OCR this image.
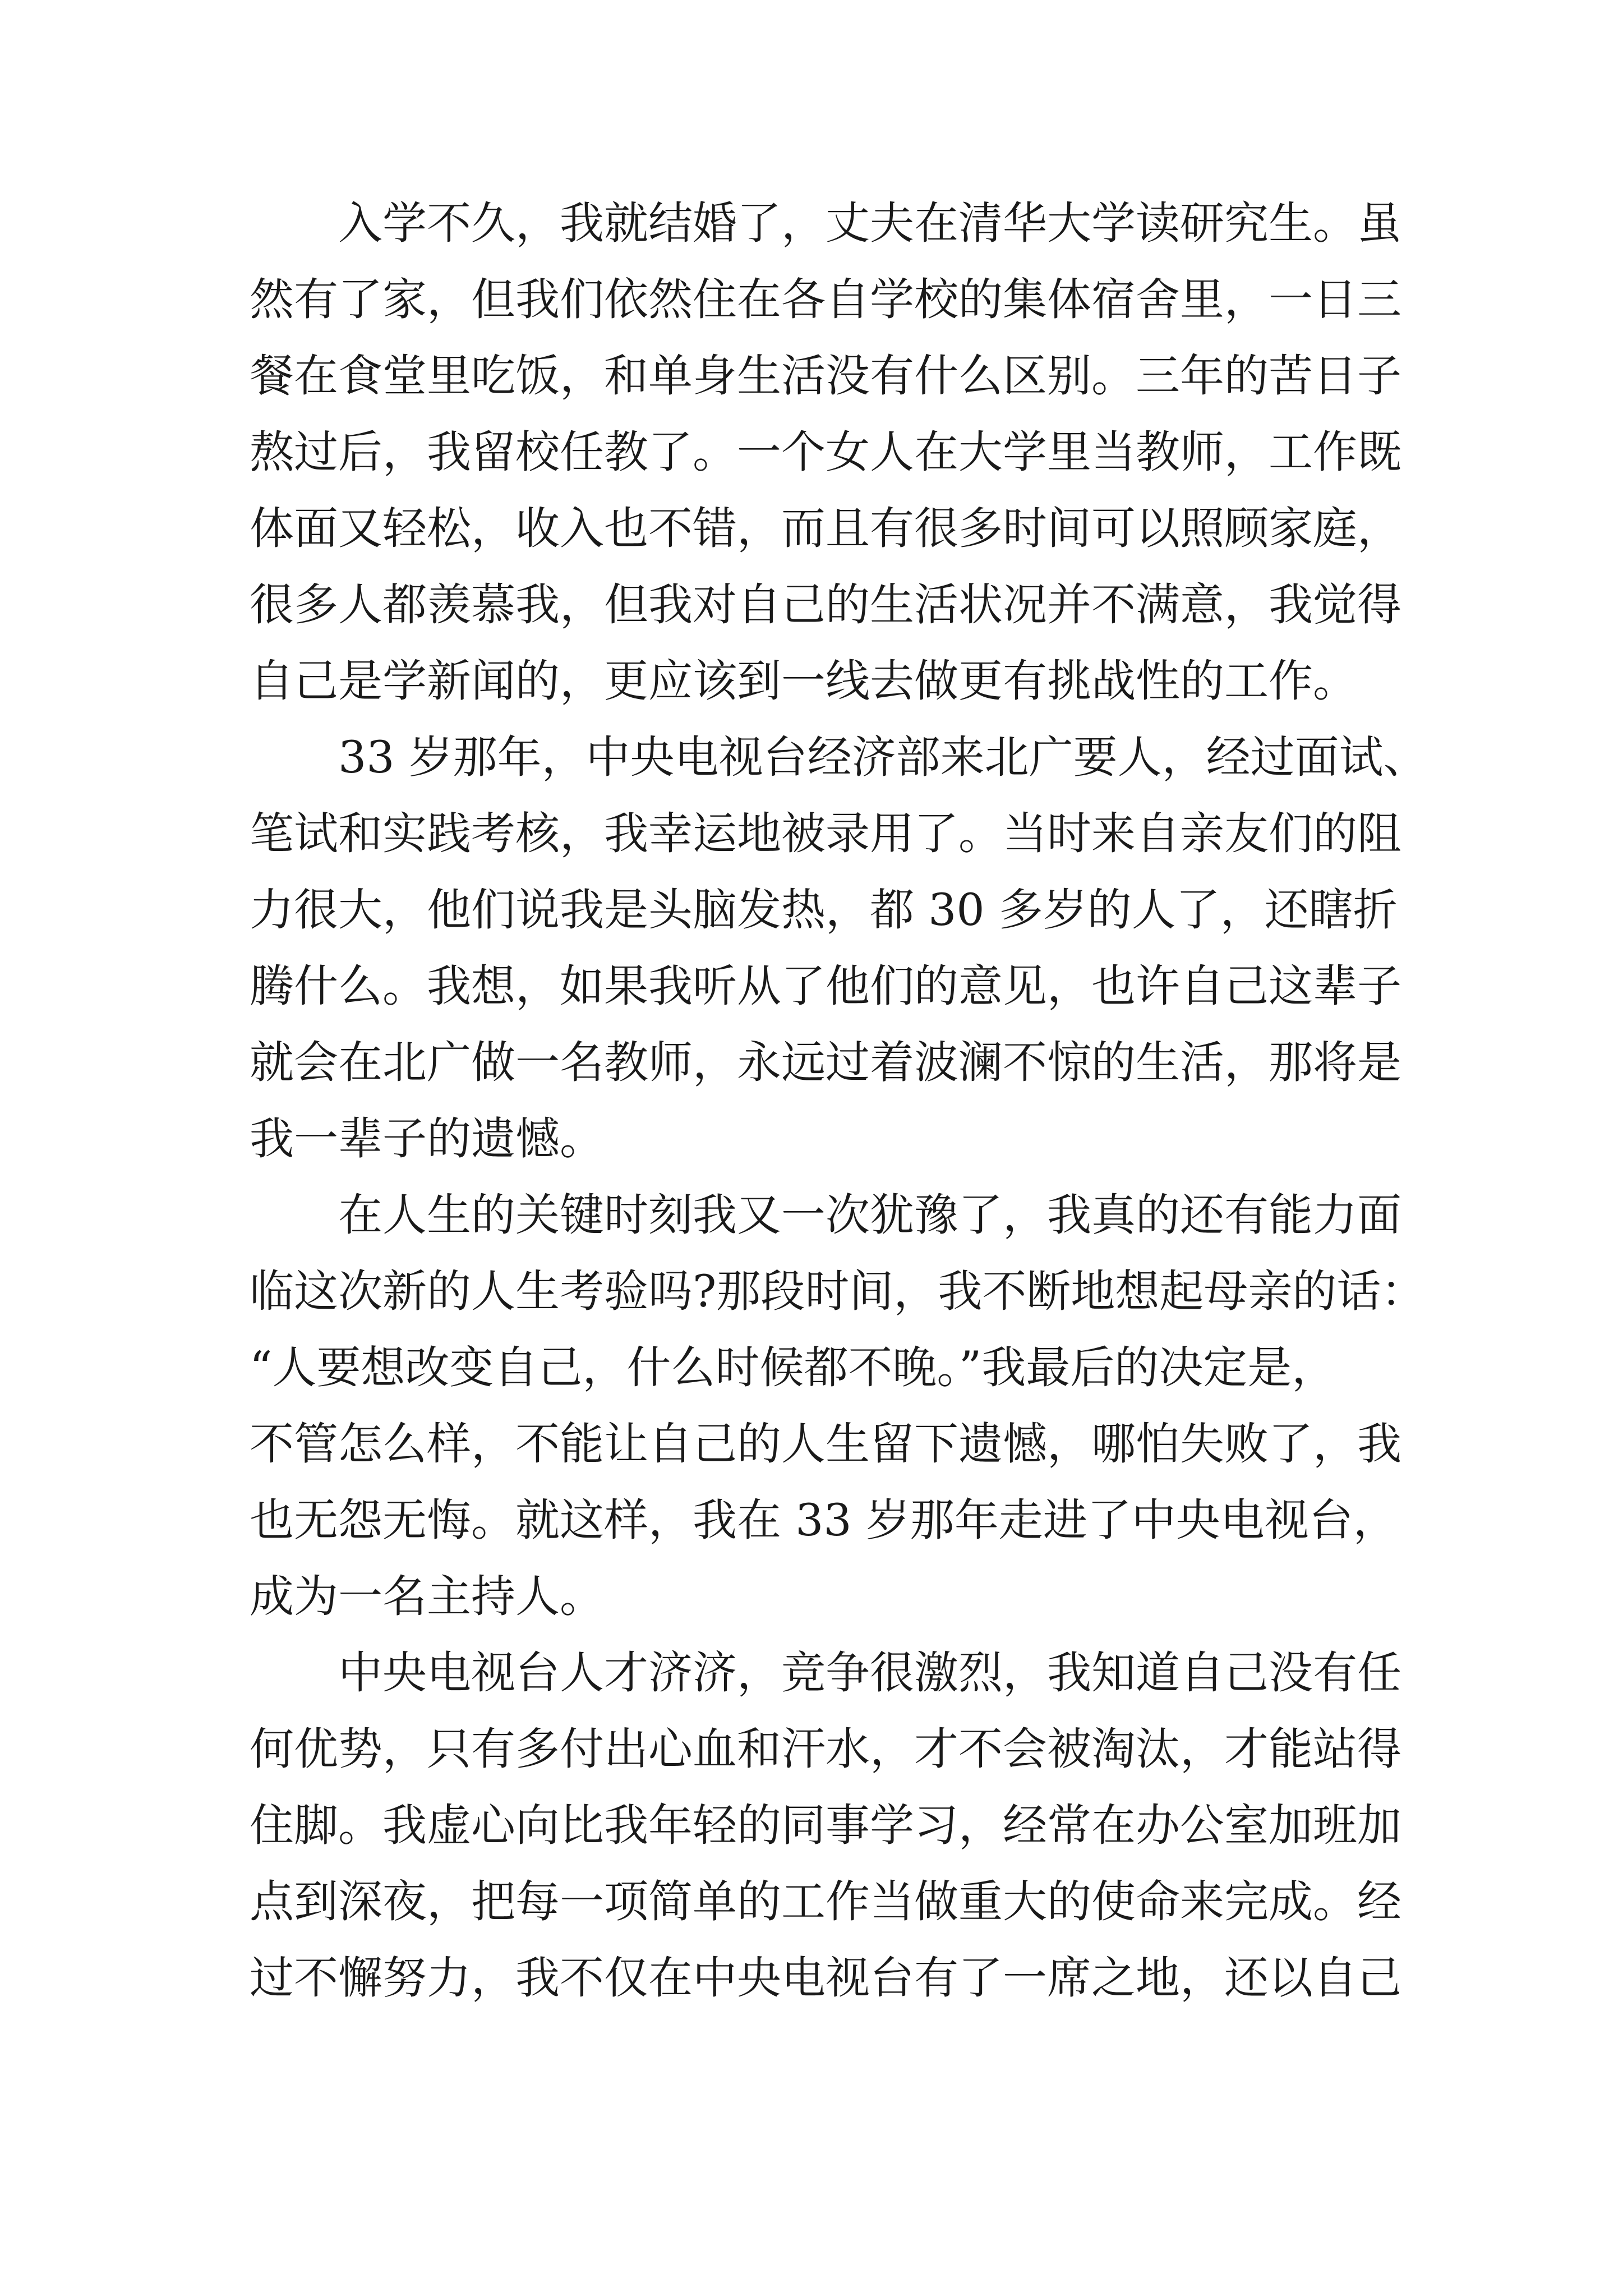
　　入学不久，我就结婚了，丈夫在清华大学读研究生。虽
然有了家，但我们依然住在各自学校的集体宿舍里，一日三
餐在食堂里吃饭，和单身生活没有什么区别。三年的苦日子
熬过后，我留校任教了。一个女人在大学里当教师，工作既
体面又轻松，收入也不错，而且有很多时间可以照顾家庭，
很多人都羡慕我，但我对自己的生活状况并不满意，我觉得
自己是学新闻的，更应该到一线去做更有挑战性的工作。
　　33 岁那年，中央电视台经济部来北广要人，经过面试、
笔试和实践考核，我幸运地被录用了。当时来自亲友们的阻
力很大，他们说我是头脑发热，都 30 多岁的人了，还瞎折
腾什么。我想，如果我听从了他们的意见，也许自己这辈子
就会在北广做一名教师，永远过着波澜不惊的生活，那将是
我一辈子的遗憾。
　　在人生的关键时刻我又一次犹豫了，我真的还有能力面
临这次新的人生考验吗?那段时间，我不断地想起母亲的话：
“人要想改变自己，什么时候都不晚。”我最后的决定是，
不管怎么样，不能让自己的人生留下遗憾，哪怕失败了，我
也无怨无悔。就这样，我在 33 岁那年走进了中央电视台，
成为一名主持人。
　　中央电视台人才济济，竞争很激烈，我知道自己没有任
何优势，只有多付出心血和汗水，才不会被淘汰，才能站得
住脚。我虚心向比我年轻的同事学习，经常在办公室加班加
点到深夜，把每一项简单的工作当做重大的使命来完成。经
过不懈努力，我不仅在中央电视台有了一席之地，还以自己
